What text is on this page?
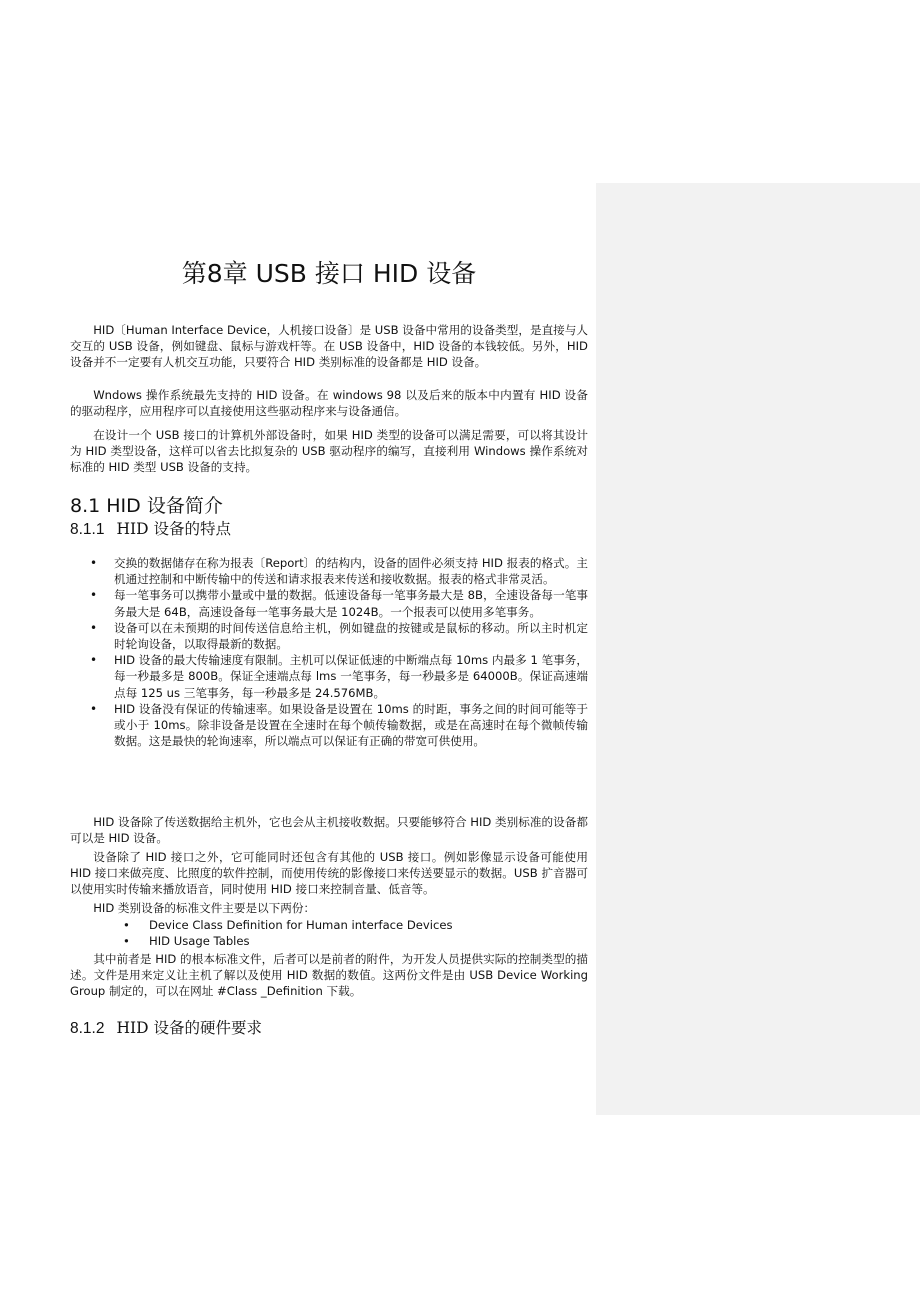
第8章 USB 接口 HID 设备

HID〔Human Interface Device，人机接口设备〕是 USB 设备中常用的设备类型，是直接与人交互的 USB 设备，例如键盘、鼠标与游戏杆等。在 USB 设备中，HID 设备的本钱较低。另外，HID 设备并不一定要有人机交互功能，只要符合 HID 类别标准的设备都是 HID 设备。

Wndows 操作系统最先支持的 HID 设备。在 windows 98 以及后来的版本中内置有 HID 设备的驱动程序，应用程序可以直接使用这些驱动程序来与设备通信。

在设计一个 USB 接口的计算机外部设备时，如果 HID 类型的设备可以满足需要，可以将其设计为 HID 类型设备，这样可以省去比拟复杂的 USB 驱动程序的编写，直接利用 Windows 操作系统对标准的 HID 类型 USB 设备的支持。

8.1 HID 设备简介
8.1.1 HID 设备的特点
• 交换的数据储存在称为报表〔Report〕的结构内，设备的固件必须支持 HID 报表的格式。主机通过控制和中断传输中的传送和请求报表来传送和接收数据。报表的格式非常灵活。
• 每一笔事务可以携带小量或中量的数据。低速设备每一笔事务最大是 8B，全速设备每一笔事务最大是 64B，高速设备每一笔事务最大是 1024B。一个报表可以使用多笔事务。
• 设备可以在未预期的时间传送信息给主机，例如键盘的按键或是鼠标的移动。所以主时机定时轮询设备，以取得最新的数据。
• HID 设备的最大传输速度有限制。主机可以保证低速的中断端点每 10ms 内最多 1 笔事务，每一秒最多是 800B。保证全速端点每 lms 一笔事务，每一秒最多是 64000B。保证高速端点每 125 us 三笔事务，每一秒最多是 24.576MB。
• HID 设备没有保证的传输速率。如果设备是设置在 10ms 的时距，事务之间的时间可能等于或小于 10ms。除非设备是设置在全速时在每个帧传输数据，或是在高速时在每个微帧传输数据。这是最快的轮询速率，所以端点可以保证有正确的带宽可供使用。

HID 设备除了传送数据给主机外，它也会从主机接收数据。只要能够符合 HID 类别标准的设备都可以是 HID 设备。

设备除了 HID 接口之外，它可能同时还包含有其他的 USB 接口。例如影像显示设备可能使用 HID 接口来做亮度、比照度的软件控制，而使用传统的影像接口来传送要显示的数据。USB 扩音器可以使用实时传输来播放语音，同时使用 HID 接口来控制音量、低音等。

HID 类别设备的标准文件主要是以下两份：

• Device Class Definition for Human interface Devices
• HID Usage Tables

其中前者是 HID 的根本标准文件，后者可以是前者的附件，为开发人员提供实际的控制类型的描述。文件是用来定义让主机了解以及使用 HID 数据的数值。这两份文件是由 USB Device Working Group 制定的，可以在网址 #Class _Definition 下载。

8.1.2 HID 设备的硬件要求
